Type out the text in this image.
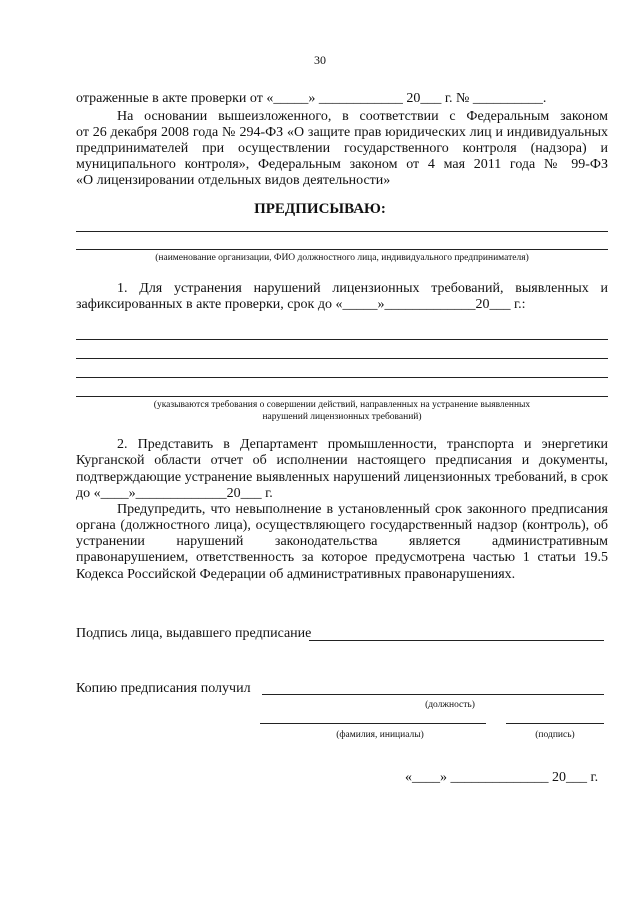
30
отраженные в акте проверки от «_____» ____________ 20___ г. № __________.
На основании вышеизложенного, в соответствии с Федеральным законом
от 26 декабря 2008 года № 294-ФЗ «О защите прав юридических лиц и индивидуальных
предпринимателей при осуществлении государственного контроля (надзора) и
муниципального контроля», Федеральным законом от 4 мая 2011 года № 99-ФЗ
«О лицензировании отдельных видов деятельности»
ПРЕДПИСЫВАЮ:
(наименование организации, ФИО должностного лица, индивидуального предпринимателя)
1. Для устранения нарушений лицензионных требований, выявленных и
зафиксированных в акте проверки, срок до «_____»_____________20___ г.:
(указываются требования о совершении действий, направленных на устранение выявленных
нарушений лицензионных требований)
2. Представить в Департамент промышленности, транспорта и энергетики
Курганской области отчет об исполнении настоящего предписания и документы,
подтверждающие устранение выявленных нарушений лицензионных требований, в срок
до «____»_____________20___ г.
Предупредить, что невыполнение в установленный срок законного предписания
органа (должностного лица), осуществляющего государственный надзор (контроль), об
устранении нарушений законодательства является административным
правонарушением, ответственность за которое предусмотрена частью 1 статьи 19.5
Кодекса Российской Федерации об административных правонарушениях.
Подпись лица, выдавшего предписание
Копию предписания получил
(должность)
(фамилия, инициалы)	(подпись)
«____» ______________ 20___ г.
